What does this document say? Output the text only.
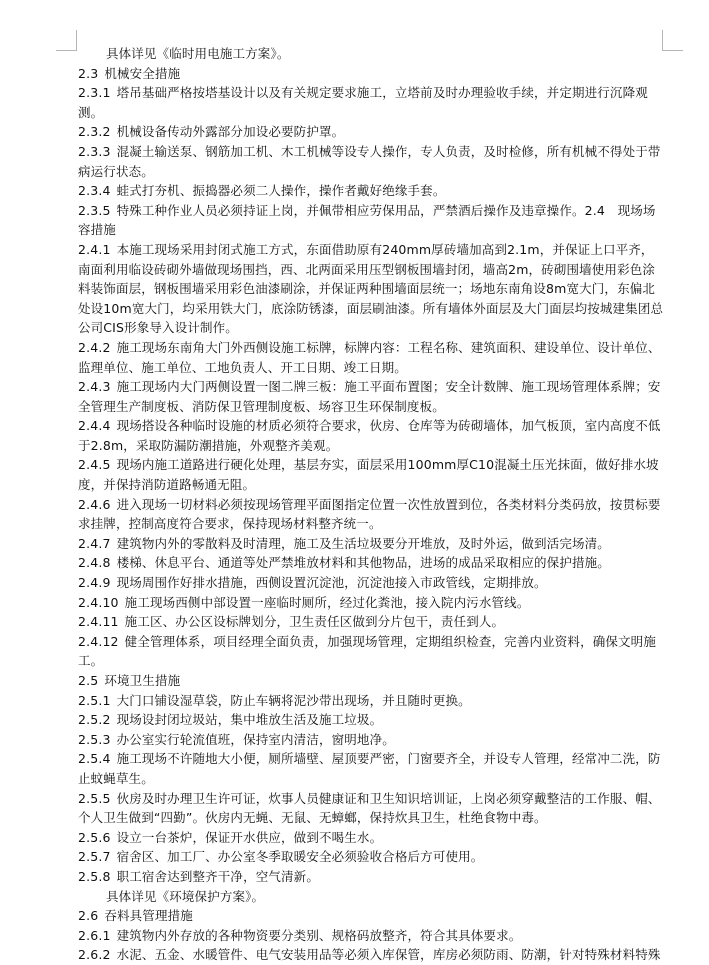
具体详见《临时用电施工方案》。

2.3 机械安全措施

2.3.1 塔吊基础严格按塔基设计以及有关规定要求施工，立塔前及时办理验收手续，并定期进行沉降观测。

2.3.2 机械设备传动外露部分加设必要防护罩。

2.3.3 混凝土输送泵、钢筋加工机、木工机械等设专人操作，专人负责，及时检修，所有机械不得处于带病运行状态。

2.3.4 蛙式打夯机、振捣器必须二人操作，操作者戴好绝缘手套。

2.3.5 特殊工种作业人员必须持证上岗，并佩带相应劳保用品，严禁酒后操作及违章操作。2.4　现场场容措施

2.4.1 本施工现场采用封闭式施工方式，东面借助原有240mm厚砖墙加高到2.1m，并保证上口平齐，南面利用临设砖砌外墙做现场围挡，西、北两面采用压型钢板围墙封闭，墙高2m，砖砌围墙使用彩色涂料装饰面层，钢板围墙采用彩色油漆刷涂，并保证两种围墙面层统一；场地东南角设8m宽大门，东偏北处设10m宽大门，均采用铁大门，底涂防锈漆，面层刷油漆。所有墙体外面层及大门面层均按城建集团总公司CIS形象导入设计制作。

2.4.2 施工现场东南角大门外西侧设施工标牌，标牌内容：工程名称、建筑面积、建设单位、设计单位、监理单位、施工单位、工地负责人、开工日期、竣工日期。

2.4.3 施工现场内大门两侧设置一图二牌三板：施工平面布置图；安全计数牌、施工现场管理体系牌；安全管理生产制度板、消防保卫管理制度板、场容卫生环保制度板。

2.4.4 现场搭设各种临时设施的材质必须符合要求，伙房、仓库等为砖砌墙体，加气板顶，室内高度不低于2.8m，采取防漏防潮措施，外观整齐美观。

2.4.5 现场内施工道路进行硬化处理，基层夯实，面层采用100mm厚C10混凝土压光抹面，做好排水坡度，并保持消防道路畅通无阻。

2.4.6 进入现场一切材料必须按现场管理平面图指定位置一次性放置到位，各类材料分类码放，按贯标要求挂牌，控制高度符合要求，保持现场材料整齐统一。

2.4.7 建筑物内外的零散料及时清理，施工及生活垃圾要分开堆放，及时外运，做到活完场清。

2.4.8 楼梯、休息平台、通道等处严禁堆放材料和其他物品，进场的成品采取相应的保护措施。

2.4.9 现场周围作好排水措施，西侧设置沉淀池，沉淀池接入市政管线，定期排放。

2.4.10 施工现场西侧中部设置一座临时厕所，经过化粪池，接入院内污水管线。

2.4.11 施工区、办公区设标牌划分，卫生责任区做到分片包干，责任到人。

2.4.12 健全管理体系，项目经理全面负责，加强现场管理，定期组织检查，完善内业资料，确保文明施工。

2.5 环境卫生措施

2.5.1 大门口铺设湿草袋，防止车辆将泥沙带出现场，并且随时更换。

2.5.2 现场设封闭垃圾站，集中堆放生活及施工垃圾。

2.5.3 办公室实行轮流值班，保持室内清洁，窗明地净。

2.5.4 施工现场不许随地大小便，厕所墙壁、屋顶要严密，门窗要齐全，并设专人管理，经常冲二洗，防止蚊蝇草生。

2.5.5 伙房及时办理卫生许可证，炊事人员健康证和卫生知识培训证，上岗必须穿戴整洁的工作服、帽、个人卫生做到“四勤”。伙房内无蝇、无鼠、无蟑螂，保持炊具卫生，杜绝食物中毒。

2.5.6 设立一台茶炉，保证开水供应，做到不喝生水。

2.5.7 宿舍区、加工厂、办公室冬季取暖安全必须验收合格后方可使用。

2.5.8 职工宿舍达到整齐干净，空气清新。

具体详见《环境保护方案》。

2.6 吞料具管理措施

2.6.1 建筑物内外存放的各种物资要分类别、规格码放整齐，符合其具体要求。

2.6.2 水泥、五金、水暖管件、电气安装用品等必须入库保管，库房必须防雨、防潮，针对特殊材料特殊
